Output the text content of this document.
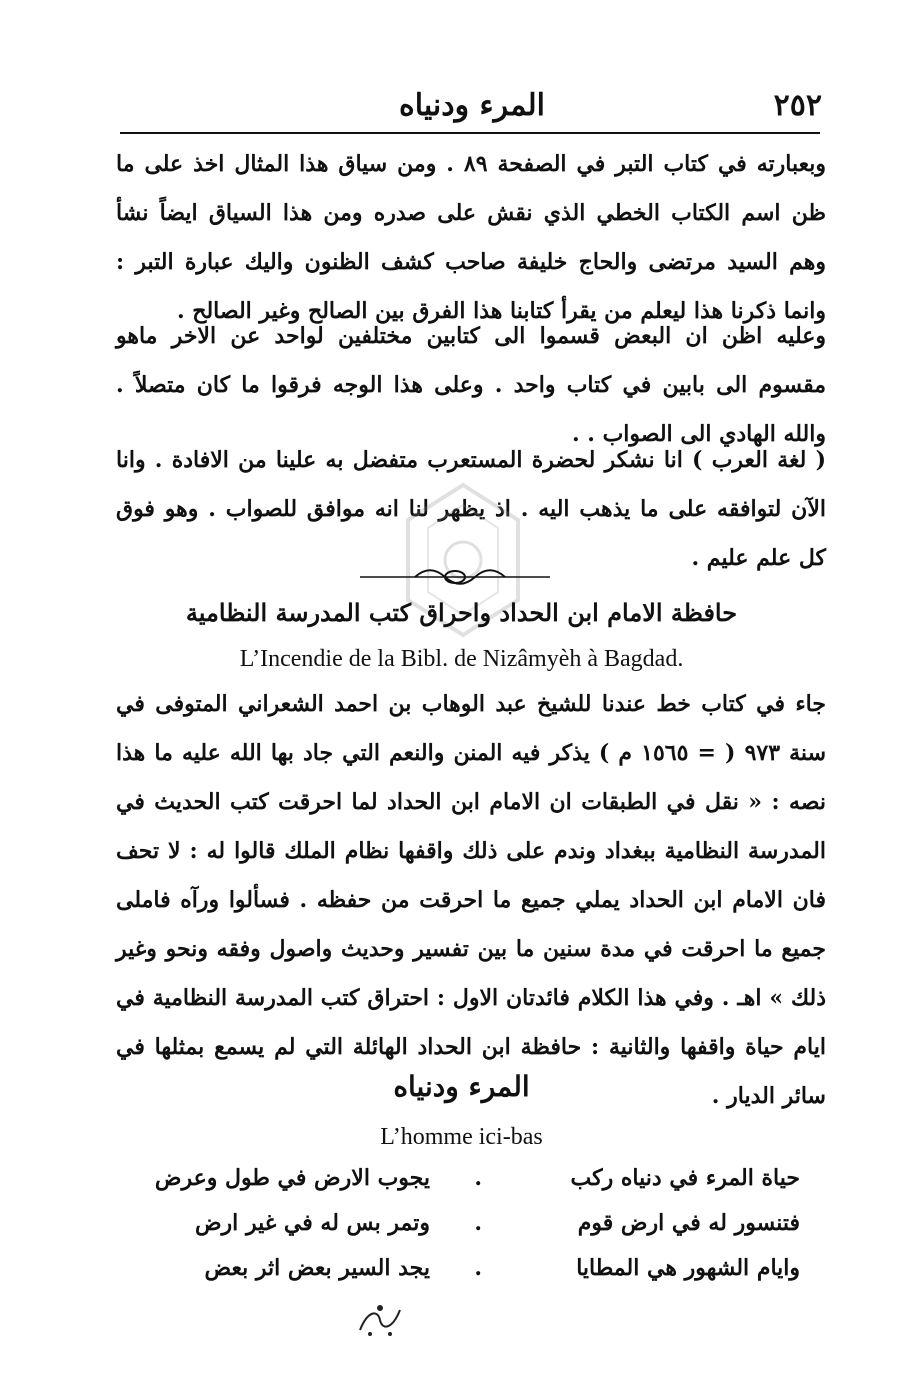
٢٥٢
المرء ودنياه
وبعبارته في كتاب التبر في الصفحة ٨٩ . ومن سياق هذا المثال اخذ على ما ظن اسم الكتاب الخطي الذي نقش على صدره ومن هذا السياق ايضاً نشأ وهم السيد مرتضى والحاج خليفة صاحب كشف الظنون واليك عبارة التبر : وانما ذكرنا هذا ليعلم من يقرأ كتابنا هذا الفرق بين الصالح وغير الصالح .
وعليه اظن ان البعض قسموا الى كتابين مختلفين لواحد عن الاخر ماهو مقسوم الى بابين في كتاب واحد . وعلى هذا الوجه فرقوا ما كان متصلاً . والله الهادي الى الصواب . .
( لغة العرب ) انا نشكر لحضرة المستعرب متفضل به علينا من الافادة . وانا الآن لتوافقه على ما يذهب اليه . اذ يظهر لنا انه موافق للصواب . وهو فوق كل علم عليم .
حافظة الامام ابن الحداد واحراق كتب المدرسة النظامية
L’Incendie de la Bibl. de Nizâmyèh à Bagdad.
جاء في كتاب خط عندنا للشيخ عبد الوهاب بن احمد الشعراني المتوفى في سنة ٩٧٣ ( = ١٥٦٥ م ) يذكر فيه المنن والنعم التي جاد بها الله عليه ما هذا نصه : « نقل في الطبقات ان الامام ابن الحداد لما احرقت كتب الحديث في المدرسة النظامية ببغداد وندم على ذلك واقفها نظام الملك قالوا له : لا تحف فان الامام ابن الحداد يملي جميع ما احرقت من حفظه . فسألوا ورآه فاملى جميع ما احرقت في مدة سنين ما بين تفسير وحديث واصول وفقه ونحو وغير ذلك » اهـ . وفي هذا الكلام فائدتان الاول : احتراق كتب المدرسة النظامية في ايام حياة واقفها والثانية : حافظة ابن الحداد الهائلة التي لم يسمع بمثلها في سائر الديار .
المرء ودنياه
L’homme ici-bas
حياة المرء في دنياه ركب
.
يجوب الارض في طول وعرض
فتنسور له في ارض قوم
.
وتمر بس له في غير ارض
وايام الشهور هي المطايا
.
يجد السير بعض اثر بعض
